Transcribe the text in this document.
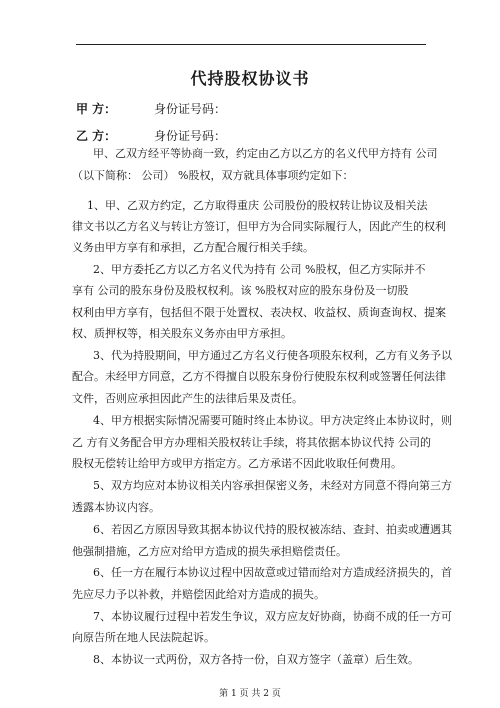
代持股权协议书
甲 方：	身份证号码：
乙 方：	身份证号码：
甲、乙双方经平等协商一致，约定由乙方以乙方的名义代甲方持有 公司
（以下简称： 公司） %股权，双方就具体事项约定如下：
1、甲、乙双方约定，乙方取得重庆 公司股份的股权转让协议及相关法
律文书以乙方名义与转让方签订，但甲方为合同实际履行人，因此产生的权利
义务由甲方享有和承担，乙方配合履行相关手续。
2、甲方委托乙方以乙方名义代为持有 公司 %股权，但乙方实际并不
享有 公司的股东身份及股权权利。该 %股权对应的股东身份及一切股
权利由甲方享有，包括但不限于处置权、表决权、收益权、质询查询权、提案
权、质押权等，相关股东义务亦由甲方承担。
3、代为持股期间，甲方通过乙方名义行使各项股东权利，乙方有义务予以
配合。未经甲方同意，乙方不得擅自以股东身份行使股东权利或签署任何法律
文件，否则应承担因此产生的法律后果及责任。
4、甲方根据实际情况需要可随时终止本协议。甲方决定终止本协议时，则
乙 方有义务配合甲方办理相关股权转让手续，将其依据本协议代持 公司的
股权无偿转让给甲方或甲方指定方。乙方承诺不因此收取任何费用。
5、双方均应对本协议相关内容承担保密义务，未经对方同意不得向第三方
透露本协议内容。
6、若因乙方原因导致其据本协议代持的股权被冻结、查封、拍卖或遭遇其
他强制措施，乙方应对给甲方造成的损失承担赔偿责任。
6、任一方在履行本协议过程中因故意或过错而给对方造成经济损失的，首
先应尽力予以补救，并赔偿因此给对方造成的损失。
7、本协议履行过程中若发生争议，双方应友好协商，协商不成的任一方可
向原告所在地人民法院起诉。
8、本协议一式两份，双方各持一份，自双方签字（盖章）后生效。
第 1 页 共 2 页
